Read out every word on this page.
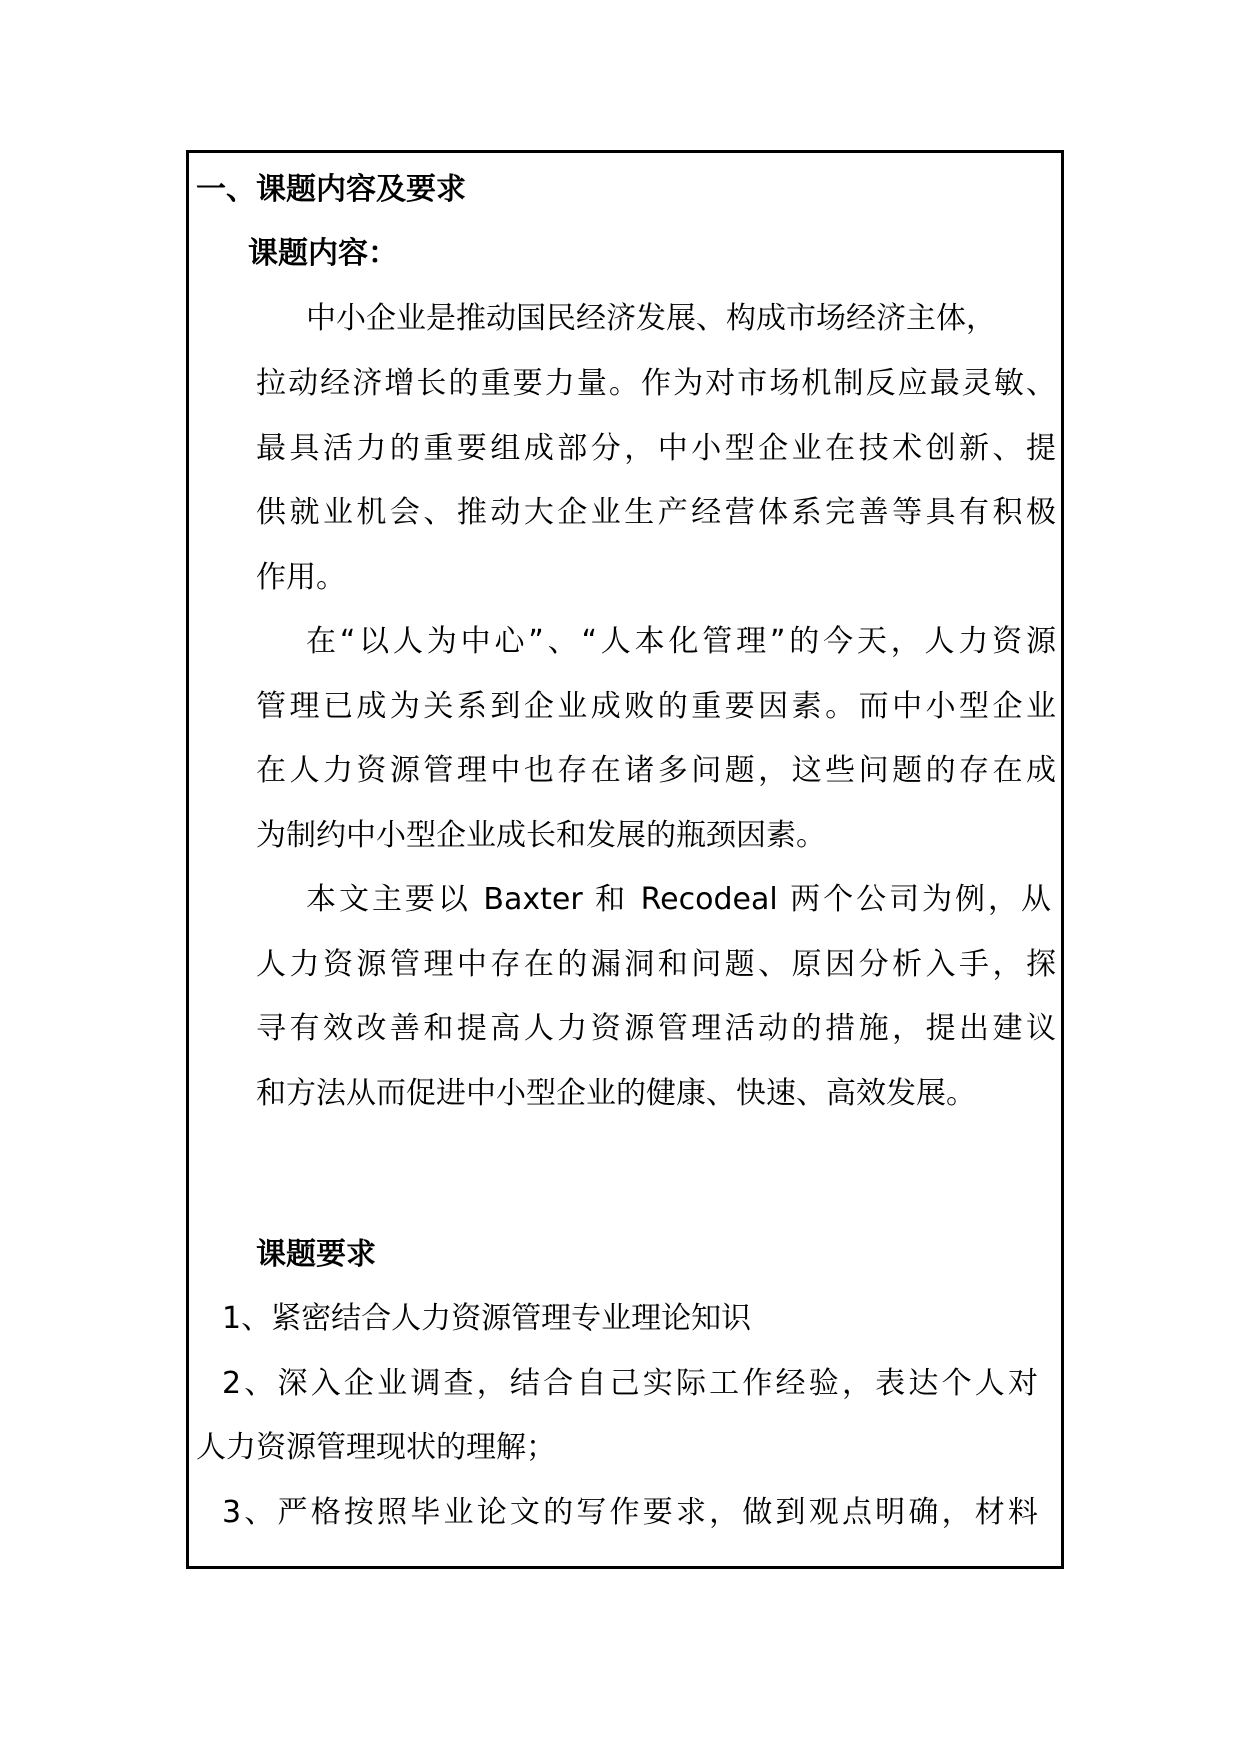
一、课题内容及要求
课题内容：
中小企业是推动国民经济发展、构成市场经济主体，
拉动经济增长的重要力量。作为对市场机制反应最灵敏、
最具活力的重要组成部分，中小型企业在技术创新、提
供就业机会、推动大企业生产经营体系完善等具有积极
作用。
在“以人为中心”、“人本化管理”的今天，人力资源
管理已成为关系到企业成败的重要因素。而中小型企业
在人力资源管理中也存在诸多问题，这些问题的存在成
为制约中小型企业成长和发展的瓶颈因素。
本文主要以 Baxter 和 Recodeal 两个公司为例，从
人力资源管理中存在的漏洞和问题、原因分析入手，探
寻有效改善和提高人力资源管理活动的措施，提出建议
和方法从而促进中小型企业的健康、快速、高效发展。
课题要求
1、紧密结合人力资源管理专业理论知识
2、深入企业调查，结合自己实际工作经验，表达个人对
人力资源管理现状的理解；
3、严格按照毕业论文的写作要求，做到观点明确，材料
